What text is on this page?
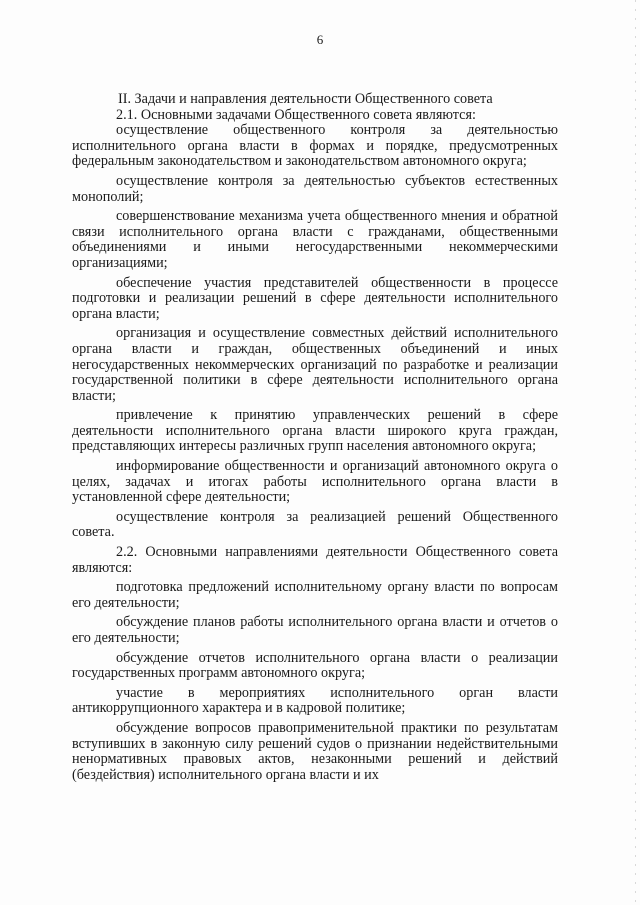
6

II. Задачи и направления деятельности Общественного совета

2.1. Основными задачами Общественного совета являются:

осуществление общественного контроля за деятельностью исполнительного органа власти в формах и порядке, предусмотренных федеральным законодательством и законодательством автономного округа;

осуществление контроля за деятельностью субъектов естественных монополий;

совершенствование механизма учета общественного мнения и обратной связи исполнительного органа власти с гражданами, общественными объединениями и иными негосударственными некоммерческими организациями;

обеспечение участия представителей общественности в процессе подготовки и реализации решений в сфере деятельности исполнительного органа власти;

организация и осуществление совместных действий исполнительного органа власти и граждан, общественных объединений и иных негосударственных некоммерческих организаций по разработке и реализации государственной политики в сфере деятельности исполнительного органа власти;

привлечение к принятию управленческих решений в сфере деятельности исполнительного органа власти широкого круга граждан, представляющих интересы различных групп населения автономного округа;

информирование общественности и организаций автономного округа о целях, задачах и итогах работы исполнительного органа власти в установленной сфере деятельности;

осуществление контроля за реализацией решений Общественного совета.

2.2. Основными направлениями деятельности Общественного совета являются:

подготовка предложений исполнительному органу власти по вопросам его деятельности;

обсуждение планов работы исполнительного органа власти и отчетов о его деятельности;

обсуждение отчетов исполнительного органа власти о реализации государственных программ автономного округа;

участие в мероприятиях исполнительного орган власти антикоррупционного характера и в кадровой политике;

обсуждение вопросов правоприменительной практики по результатам вступивших в законную силу решений судов о признании недействительными ненормативных правовых актов, незаконными решений и действий (бездействия) исполнительного органа власти и их
